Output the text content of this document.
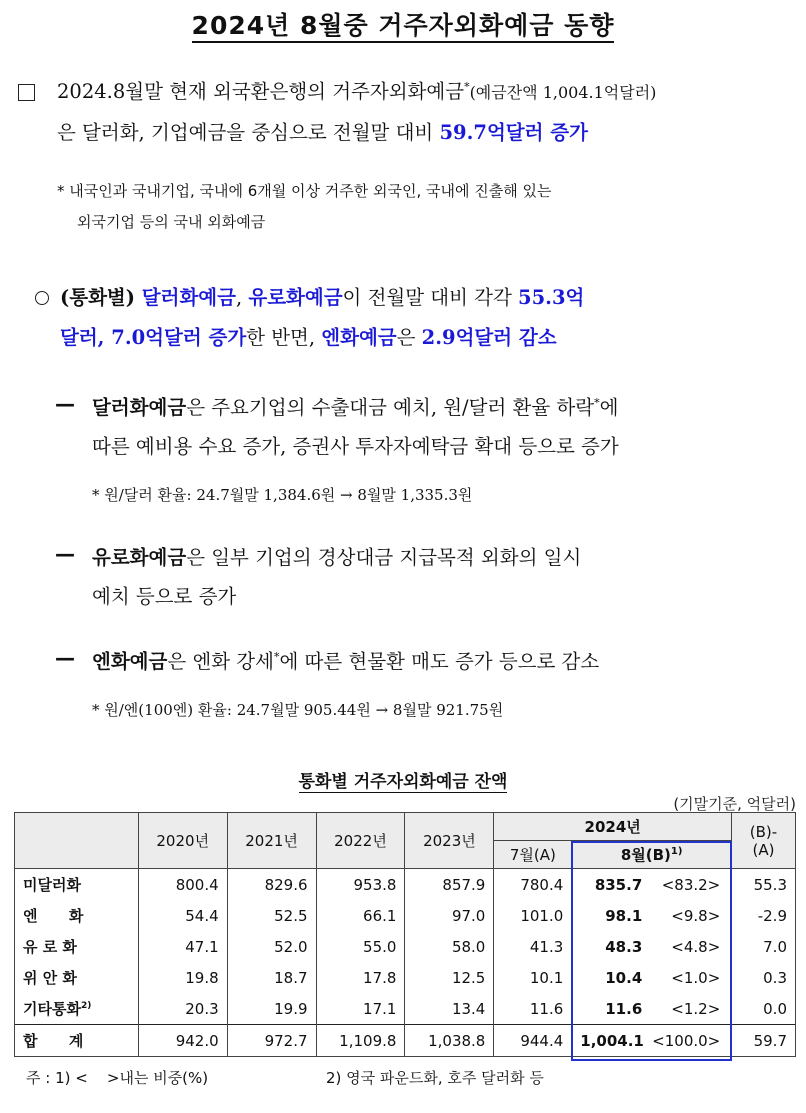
2024년 8월중 거주자외화예금 동향
2024.8월말 현재 외국환은행의 거주자외화예금*(예금잔액 1,004.1억달러)
은 달러화, 기업예금을 중심으로 전월말 대비 59.7억달러 증가
* 내국인과 국내기업, 국내에 6개월 이상 거주한 외국인, 국내에 진출해 있는
외국기업 등의 국내 외화예금
(통화별) 달러화예금, 유로화예금이 전월말 대비 각각 55.3억
달러, 7.0억달러 증가한 반면, 엔화예금은 2.9억달러 감소
— 달러화예금은 주요기업의 수출대금 예치, 원/달러 환율 하락*에
따른 예비용 수요 증가, 증권사 투자자예탁금 확대 등으로 증가
* 원/달러 환율: 24.7월말 1,384.6원 → 8월말 1,335.3원
— 유로화예금은 일부 기업의 경상대금 지급목적 외화의 일시
예치 등으로 증가
— 엔화예금은 엔화 강세*에 따른 현물환 매도 증가 등으로 감소
* 원/엔(100엔) 환율: 24.7월말 905.44원 → 8월말 921.75원
통화별 거주자외화예금 잔액
(기말기준, 억달러)
	2020년	2021년	2022년	2023년	2024년		(B)-(A)
					7월(A)	8월$(B)^{1)}$
미달러화	800.4	829.6	953.8	857.9	780.4	835.7 <83.2>	55.3
엔      화	54.4	52.5	66.1	97.0	101.0	98.1 <9.8>	-2.9
유 로 화	47.1	52.0	55.0	58.0	41.3	48.3 <4.8>	7.0
위 안 화	19.8	18.7	17.8	12.5	10.1	10.4 <1.0>	0.3
기타통화$^{2)}$	20.3	19.9	17.1	13.4	11.6	11.6 <1.2>	0.0
합      계	942.0	972.7	1,109.8	1,038.8	944.4	1,004.1 <100.0>	59.7
주 : 1) <    >내는 비중(%)	2) 영국 파운드화, 호주 달러화 등
